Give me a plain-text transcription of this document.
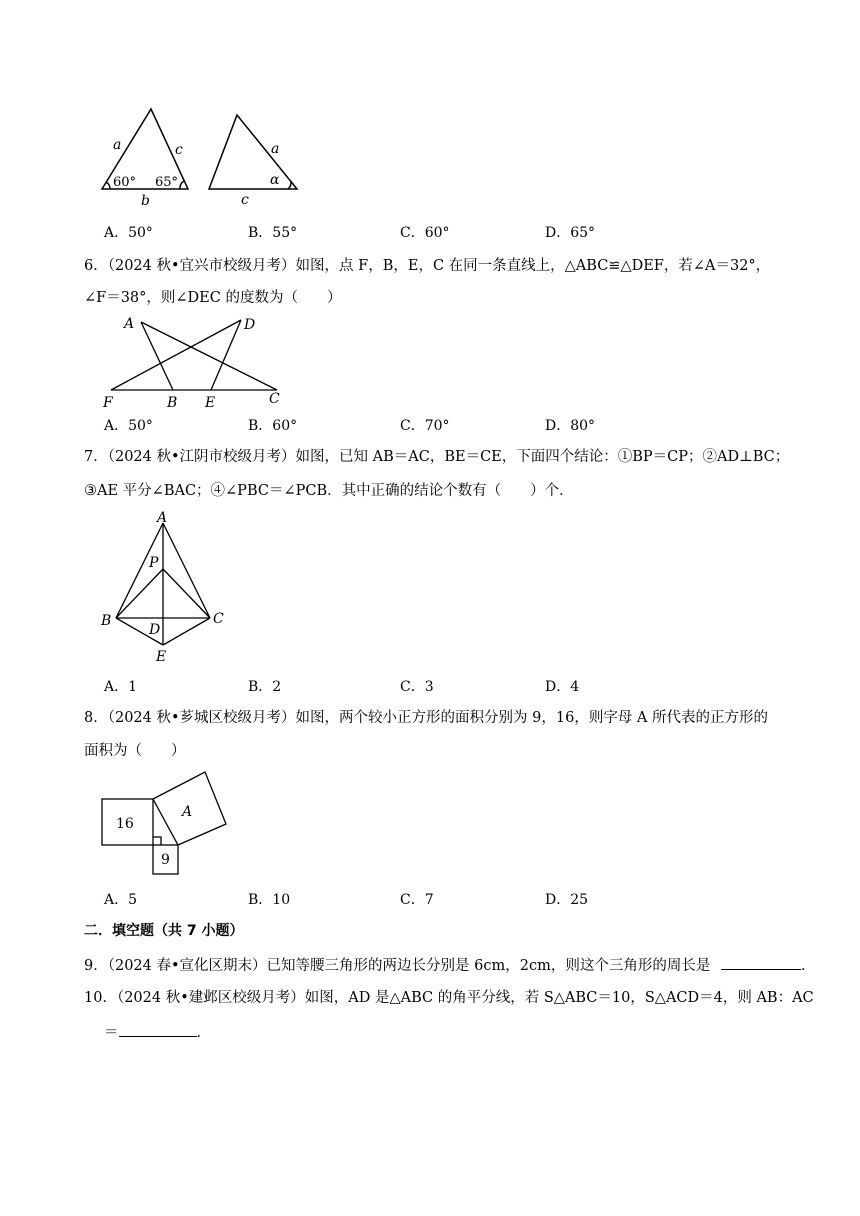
a	c
60° 65°
b
a
α
c
A．50°	B．55°	C．60°	D．65°
6．（2024 秋•宜兴市校级月考）如图，点 F，B，E，C 在同一条直线上，△ABC≌△DEF，若∠A＝32°，
∠F＝38°，则∠DEC 的度数为（　　）
A	D
F	B E	C
A．50°	B．60°	C．70°	D．80°
7．（2024 秋•江阴市校级月考）如图，已知 AB＝AC，BE＝CE，下面四个结论：①BP＝CP；②AD⊥BC；
③AE 平分∠BAC；④∠PBC＝∠PCB．其中正确的结论个数有（　　）个．
A
P
B	C
D
E
A．1	B．2	C．3	D．4
8．（2024 秋•芗城区校级月考）如图，两个较小正方形的面积分别为 9，16，则字母 A 所代表的正方形的
面积为（　　）
16
9
A
A．5	B．10	C．7	D．25
二．填空题（共 7 小题）
9．（2024 春•宣化区期末）已知等腰三角形的两边长分别是 6cm，2cm，则这个三角形的周长是	．
10．（2024 秋•建邺区校级月考）如图，AD 是△ABC 的角平分线，若 S△ABC＝10，S△ACD＝4，则 AB：AC
＝	．
